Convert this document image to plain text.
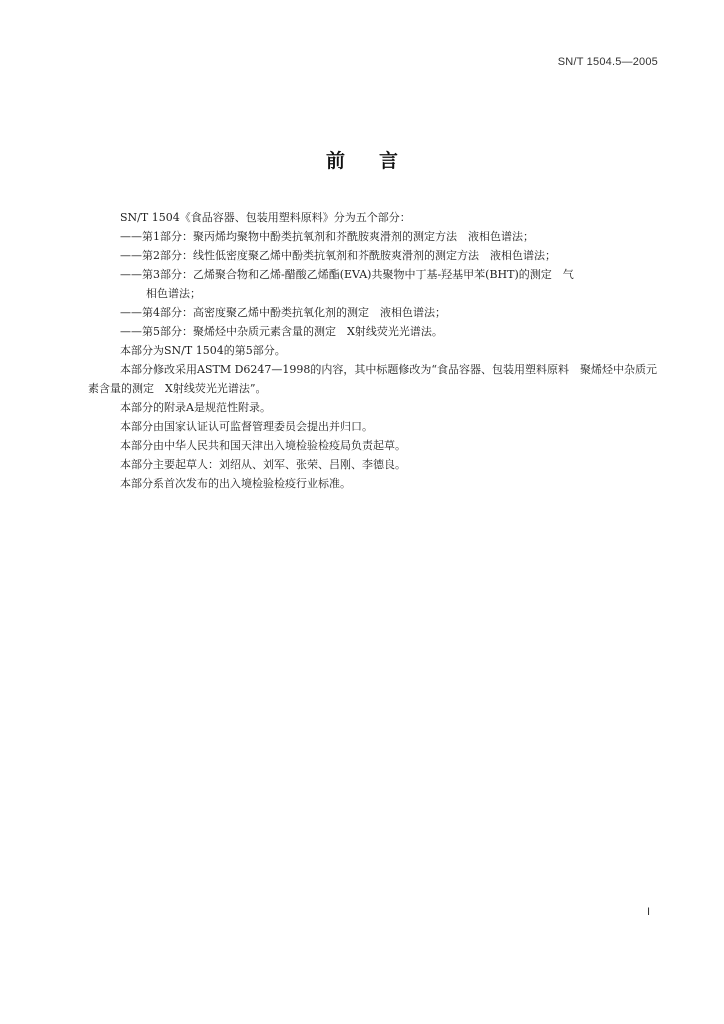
SN/T 1504.5—2005
前言

SN/T 1504《食品容器、包装用塑料原料》分为五个部分：

——第1部分：聚丙烯均聚物中酚类抗氧剂和芥酰胺爽滑剂的测定方法　液相色谱法；

——第2部分：线性低密度聚乙烯中酚类抗氧剂和芥酰胺爽滑剂的测定方法　液相色谱法；

——第3部分：乙烯聚合物和乙烯-醋酸乙烯酯(EVA)共聚物中丁基-羟基甲苯(BHT)的测定　气

相色谱法；

——第4部分：高密度聚乙烯中酚类抗氧化剂的测定　液相色谱法；

——第5部分：聚烯烃中杂质元素含量的测定　X射线荧光光谱法。

本部分为SN/T 1504的第5部分。

本部分修改采用ASTM D6247—1998的内容，其中标题修改为“食品容器、包装用塑料原料　聚烯烃中杂质元素含量的测定　X射线荧光光谱法”。

本部分的附录A是规范性附录。

本部分由国家认证认可监督管理委员会提出并归口。

本部分由中华人民共和国天津出入境检验检疫局负责起草。

本部分主要起草人：刘绍从、刘军、张荣、吕刚、李德良。

本部分系首次发布的出入境检验检疫行业标准。

I
